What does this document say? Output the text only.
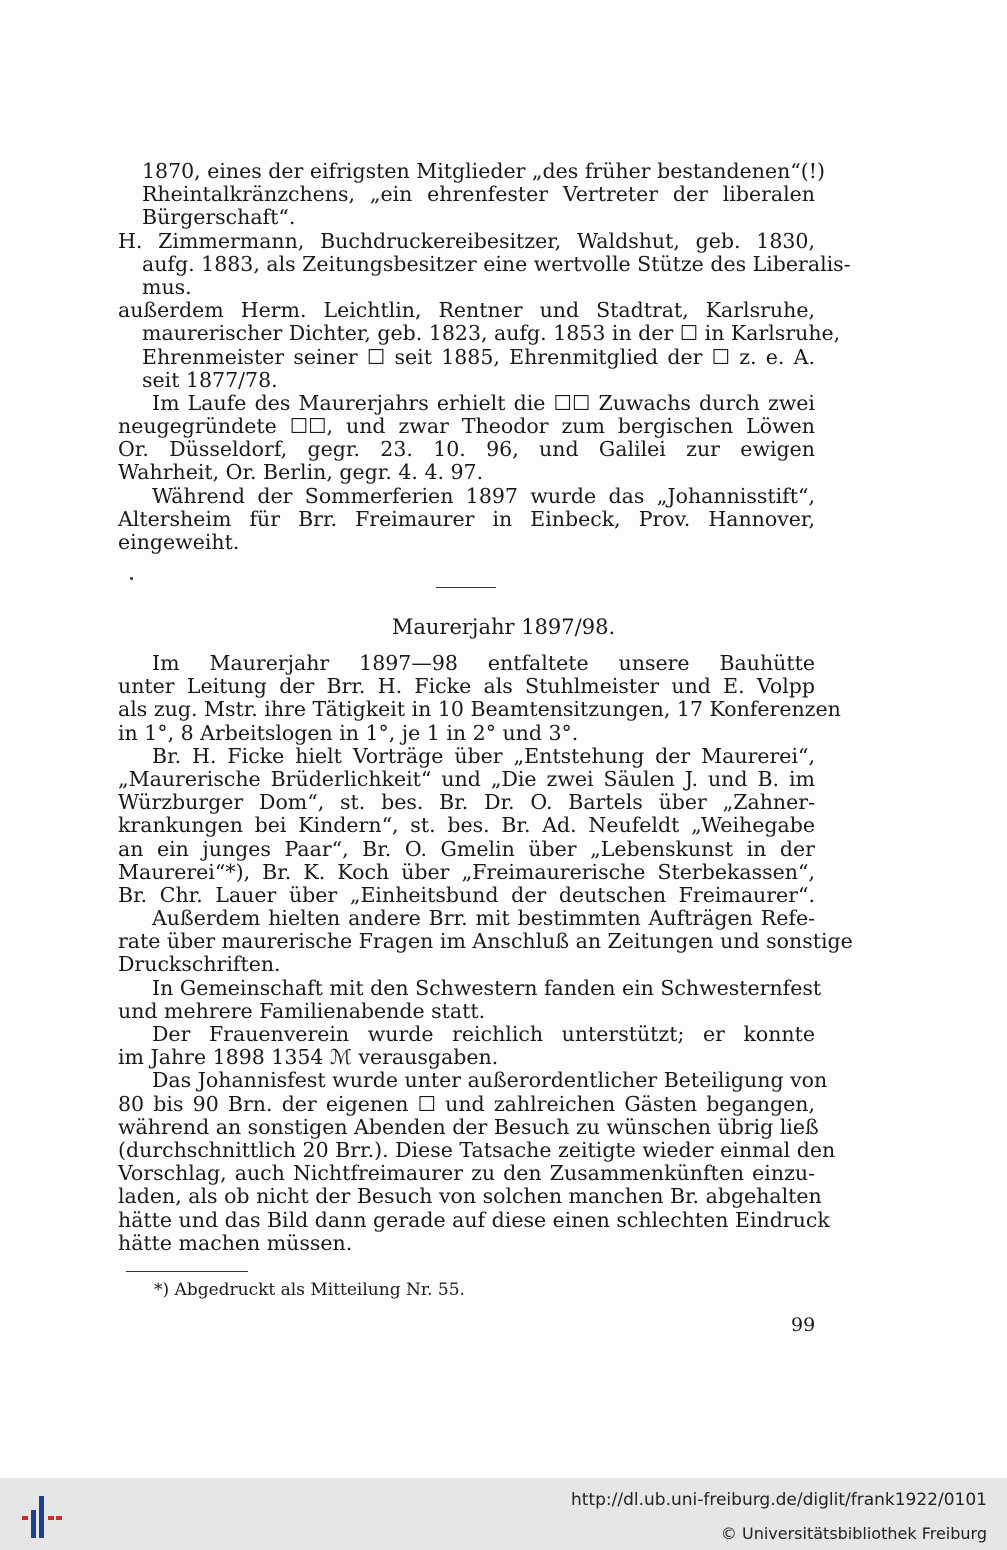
1870, eines der eifrigsten Mitglieder „des früher bestandenen“(!)
Rheintalkränzchens, „ein ehrenfester Vertreter der liberalen
Bürgerschaft“.
H. Zimmermann, Buchdruckereibesitzer, Waldshut, geb. 1830,
aufg. 1883, als Zeitungsbesitzer eine wertvolle Stütze des Liberalis-
mus.
außerdem Herm. Leichtlin, Rentner und Stadtrat, Karlsruhe,
maurerischer Dichter, geb. 1823, aufg. 1853 in der ☐ in Karlsruhe,
Ehrenmeister seiner ☐ seit 1885, Ehrenmitglied der ☐ z. e. A.
seit 1877/78.
Im Laufe des Maurerjahrs erhielt die ☐☐ Zuwachs durch zwei
neugegründete ☐☐, und zwar Theodor zum bergischen Löwen
Or. Düsseldorf, gegr. 23. 10. 96, und Galilei zur ewigen
Wahrheit, Or. Berlin, gegr. 4. 4. 97.
Während der Sommerferien 1897 wurde das „Johannisstift“,
Altersheim für Brr. Freimaurer in Einbeck, Prov. Hannover,
eingeweiht.
Maurerjahr 1897/98.
Im Maurerjahr 1897—98 entfaltete unsere Bauhütte
unter Leitung der Brr. H. Ficke als Stuhlmeister und E. Volpp
als zug. Mstr. ihre Tätigkeit in 10 Beamtensitzungen, 17 Konferenzen
in 1°, 8 Arbeitslogen in 1°, je 1 in 2° und 3°.
Br. H. Ficke hielt Vorträge über „Entstehung der Maurerei“,
„Maurerische Brüderlichkeit“ und „Die zwei Säulen J. und B. im
Würzburger Dom“, st. bes. Br. Dr. O. Bartels über „Zahner-
krankungen bei Kindern“, st. bes. Br. Ad. Neufeldt „Weihegabe
an ein junges Paar“, Br. O. Gmelin über „Lebenskunst in der
Maurerei“*), Br. K. Koch über „Freimaurerische Sterbekassen“,
Br. Chr. Lauer über „Einheitsbund der deutschen Freimaurer“.
Außerdem hielten andere Brr. mit bestimmten Aufträgen Refe-
rate über maurerische Fragen im Anschluß an Zeitungen und sonstige
Druckschriften.
In Gemeinschaft mit den Schwestern fanden ein Schwesternfest
und mehrere Familienabende statt.
Der Frauenverein wurde reichlich unterstützt; er konnte
im Jahre 1898 1354 ℳ verausgaben.
Das Johannisfest wurde unter außerordentlicher Beteiligung von
80 bis 90 Brn. der eigenen ☐ und zahlreichen Gästen begangen,
während an sonstigen Abenden der Besuch zu wünschen übrig ließ
(durchschnittlich 20 Brr.). Diese Tatsache zeitigte wieder einmal den
Vorschlag, auch Nichtfreimaurer zu den Zusammenkünften einzu-
laden, als ob nicht der Besuch von solchen manchen Br. abgehalten
hätte und das Bild dann gerade auf diese einen schlechten Eindruck
hätte machen müssen.
*) Abgedruckt als Mitteilung Nr. 55.
99
http://dl.ub.uni-freiburg.de/diglit/frank1922/0101
© Universitätsbibliothek Freiburg
